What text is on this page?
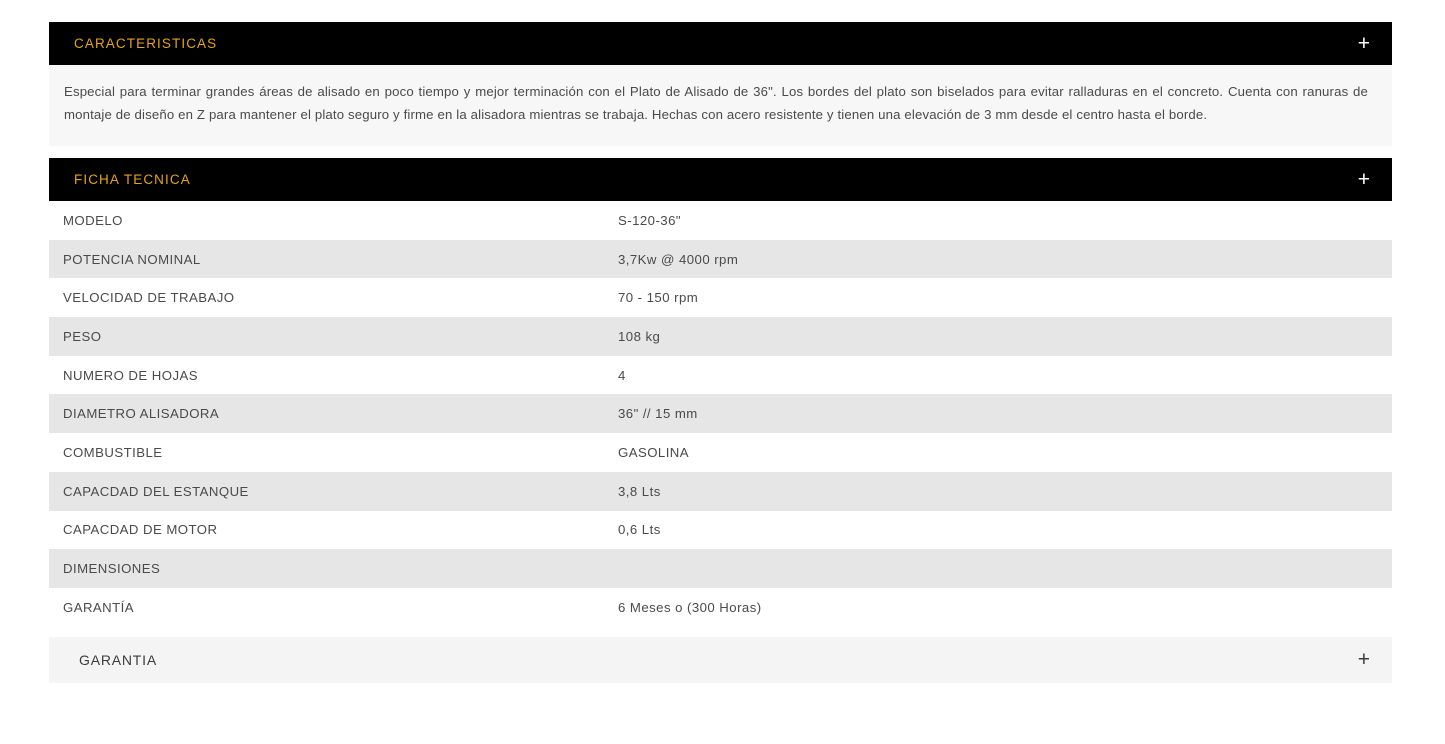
CARACTERISTICAS	+

Especial para terminar grandes áreas de alisado en poco tiempo y mejor terminación con el Plato de Alisado de 36". Los bordes del plato son biselados para evitar ralladuras en el concreto. Cuenta con ranuras de montaje de diseño en Z para mantener el plato seguro y firme en la alisadora mientras se trabaja. Hechas con acero resistente y tienen una elevación de 3 mm desde el centro hasta el borde.

FICHA TECNICA	+
MODELO	S-120-36"
POTENCIA NOMINAL	3,7Kw @ 4000 rpm
VELOCIDAD DE TRABAJO	70 - 150 rpm
PESO	108 kg
NUMERO DE HOJAS	4
DIAMETRO ALISADORA	36" // 15 mm
COMBUSTIBLE	GASOLINA
CAPACDAD DEL ESTANQUE	3,8 Lts
CAPACDAD DE MOTOR	0,6 Lts
DIMENSIONES	
GARANTÍA	6 Meses o (300 Horas)
GARANTIA	+
